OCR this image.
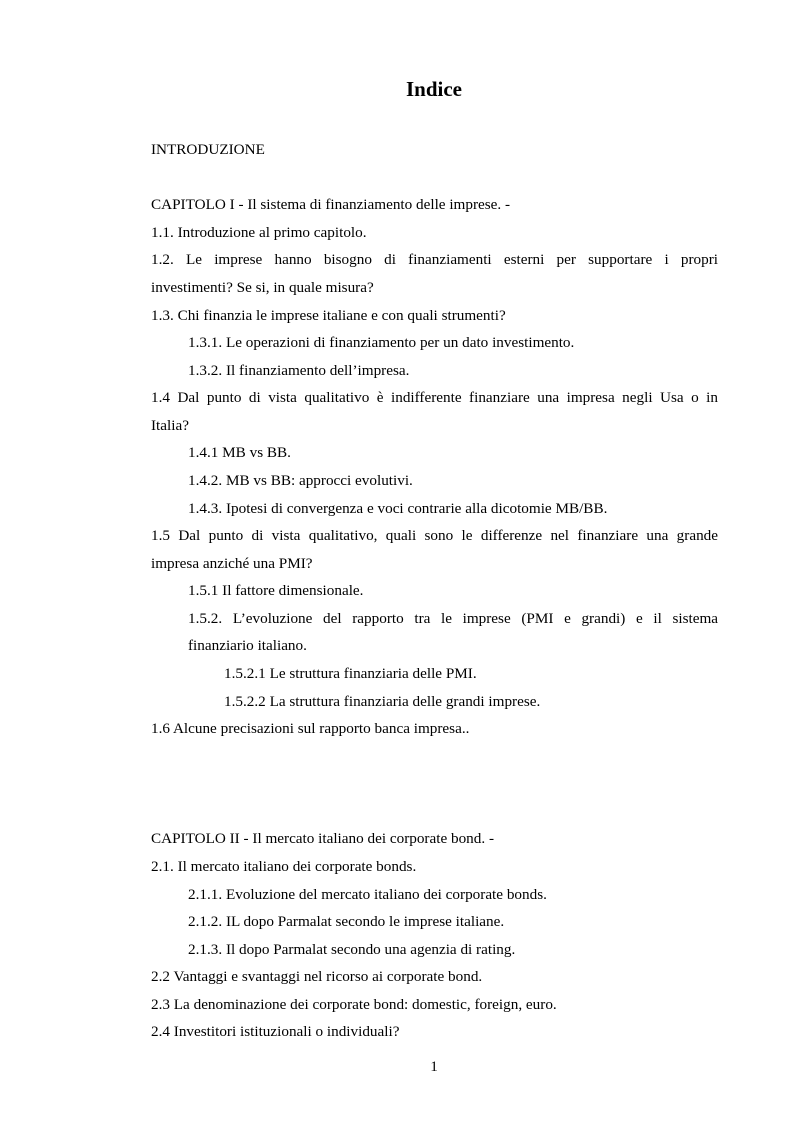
Indice
INTRODUZIONE
CAPITOLO I - Il sistema di finanziamento delle imprese. -
1.1. Introduzione al primo capitolo.
1.2. Le imprese hanno bisogno di finanziamenti esterni per supportare i propri
investimenti? Se si, in quale misura?
1.3. Chi finanzia le imprese italiane e con quali strumenti?
1.3.1. Le operazioni di finanziamento per un dato investimento.
1.3.2. Il finanziamento dell’impresa.
1.4 Dal punto di vista qualitativo è indifferente finanziare una impresa negli Usa o in
Italia?
1.4.1 MB vs BB.
1.4.2. MB vs BB: approcci evolutivi.
1.4.3. Ipotesi di convergenza e voci contrarie alla dicotomie MB/BB.
1.5 Dal punto di vista qualitativo, quali sono le differenze nel finanziare una grande
impresa anziché una PMI?
1.5.1 Il fattore dimensionale.
1.5.2. L’evoluzione del rapporto tra le imprese (PMI e grandi) e il sistema
finanziario italiano.
1.5.2.1 Le struttura finanziaria delle PMI.
1.5.2.2 La struttura finanziaria delle grandi imprese.
1.6 Alcune precisazioni sul rapporto banca impresa..
CAPITOLO II - Il mercato italiano dei corporate bond. -
2.1. Il mercato italiano dei corporate bonds.
2.1.1. Evoluzione del mercato italiano dei corporate bonds.
2.1.2. IL dopo Parmalat secondo le imprese italiane.
2.1.3. Il dopo Parmalat secondo una agenzia di rating.
2.2 Vantaggi e svantaggi nel ricorso ai corporate bond.
2.3 La denominazione dei corporate bond: domestic, foreign, euro.
2.4 Investitori istituzionali o individuali?
1
